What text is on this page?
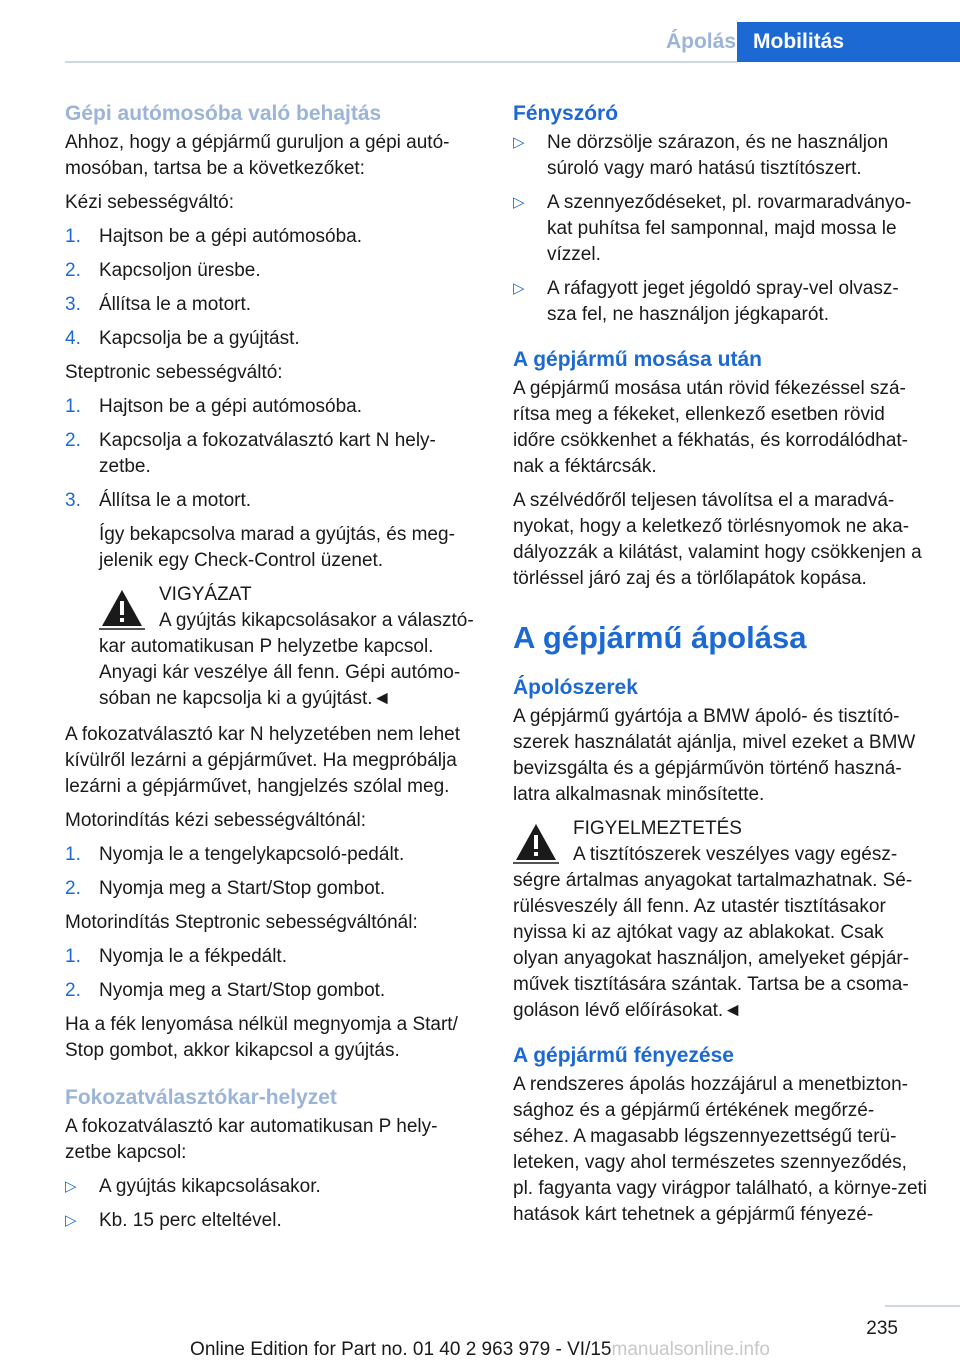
Ápolás Mobilitás
Gépi autómosóba való behajtás

Ahhoz, hogy a gépjármű guruljon a gépi autó-mosóban, tartsa be a következőket:

Kézi sebességváltó:

1. Hajtson be a gépi autómosóba.
2. Kapcsoljon üresbe.
3. Állítsa le a motort.
4. Kapcsolja be a gyújtást.

Steptronic sebességváltó:

1. Hajtson be a gépi autómosóba.
2. Kapcsolja a fokozatválasztó kart N hely-zetbe.
3. Állítsa le a motort.

Így bekapcsolva marad a gyújtás, és meg-jelenik egy Check-Control üzenet.

VIGYÁZAT
A gyújtás kikapcsolásakor a választó-kar automatikusan P helyzetbe kapcsol. Anyagi kár veszélye áll fenn. Gépi autómo-sóban ne kapcsolja ki a gyújtást.◄

A fokozatválasztó kar N helyzetében nem lehet kívülről lezárni a gépjárművet. Ha megpróbálja lezárni a gépjárművet, hangjelzés szólal meg.

Motorindítás kézi sebességváltónál:

1. Nyomja le a tengelykapcsoló-pedált.
2. Nyomja meg a Start/Stop gombot.

Motorindítás Steptronic sebességváltónál:

1. Nyomja le a fékpedált.
2. Nyomja meg a Start/Stop gombot.

Ha a fék lenyomása nélkül megnyomja a Start/ Stop gombot, akkor kikapcsol a gyújtás.

Fokozatválasztókar-helyzet

A fokozatválasztó kar automatikusan P hely-zetbe kapcsol:

▷ A gyújtás kikapcsolásakor.
▷ Kb. 15 perc elteltével.
Fényszóró
▷ Ne dörzsölje szárazon, és ne használjon súroló vagy maró hatású tisztítószert.
▷ A szennyeződéseket, pl. rovarmaradványo-kat puhítsa fel samponnal, majd mossa le vízzel.
▷ A ráfagyott jeget jégoldó spray-vel olvasz-sza fel, ne használjon jégkaparót.
A gépjármű mosása után

A gépjármű mosása után rövid fékezéssel szá-rítsa meg a fékeket, ellenkező esetben rövid időre csökkenhet a fékhatás, és korrodálódhat-nak a féktárcsák.

A szélvédőről teljesen távolítsa el a maradvá-nyokat, hogy a keletkező törlésnyomok ne aka-dályozzák a kilátást, valamint hogy csökkenjen a törléssel járó zaj és a törlőlapátok kopása.

A gépjármű ápolása
Ápolószerek

A gépjármű gyártója a BMW ápoló- és tisztító-szerek használatát ajánlja, mivel ezeket a BMW bevizsgálta és a gépjárművön történő haszná-latra alkalmasnak minősítette.

FIGYELMEZTETÉS
A tisztítószerek veszélyes vagy egész-ségre ártalmas anyagokat tartalmazhatnak. Sé-rülésveszély áll fenn. Az utastér tisztításakor nyissa ki az ajtókat vagy az ablakokat. Csak olyan anyagokat használjon, amelyeket gépjár-művek tisztítására szántak. Tartsa be a csoma-goláson lévő előírásokat.◄
A gépjármű fényezése

A rendszeres ápolás hozzájárul a menetbizton-sághoz és a gépjármű értékének megőrzé-séhez. A magasabb légszennyezettségű terü-leteken, vagy ahol természetes szennyeződés, pl. fagyanta vagy virágpor található, a környe-zeti hatások kárt tehetnek a gépjármű fényezé-

235
Online Edition for Part no. 01 40 2 963 979 - VI/15manualsonline.info
